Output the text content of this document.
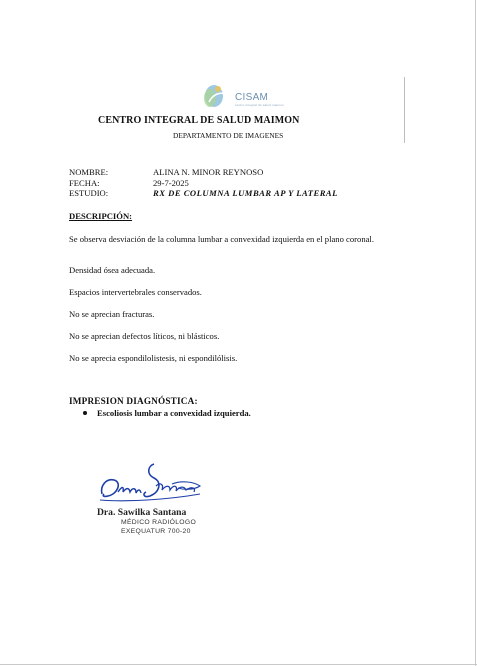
CISAM
centro integral de salud maimon
CENTRO INTEGRAL DE SALUD MAIMON
DEPARTAMENTO DE IMAGENES
NOMBRE:	ALINA N. MINOR REYNOSO
FECHA:	29-7-2025
ESTUDIO:	RX DE COLUMNA LUMBAR AP Y LATERAL
DESCRIPCIÓN:
Se observa desviación de la columna lumbar a convexidad izquierda en el plano coronal.
Densidad ósea adecuada.
Espacios intervertebrales conservados.
No se aprecian fracturas.
No se aprecian defectos líticos, ni blásticos.
No se aprecia espondilolistesis, ni espondilólisis.
IMPRESION DIAGNÓSTICA:
Escoliosis lumbar a convexidad izquierda.
Dra. Sawilka Santana
MÉDICO RADIÓLOGO
EXEQUATUR 700-20
